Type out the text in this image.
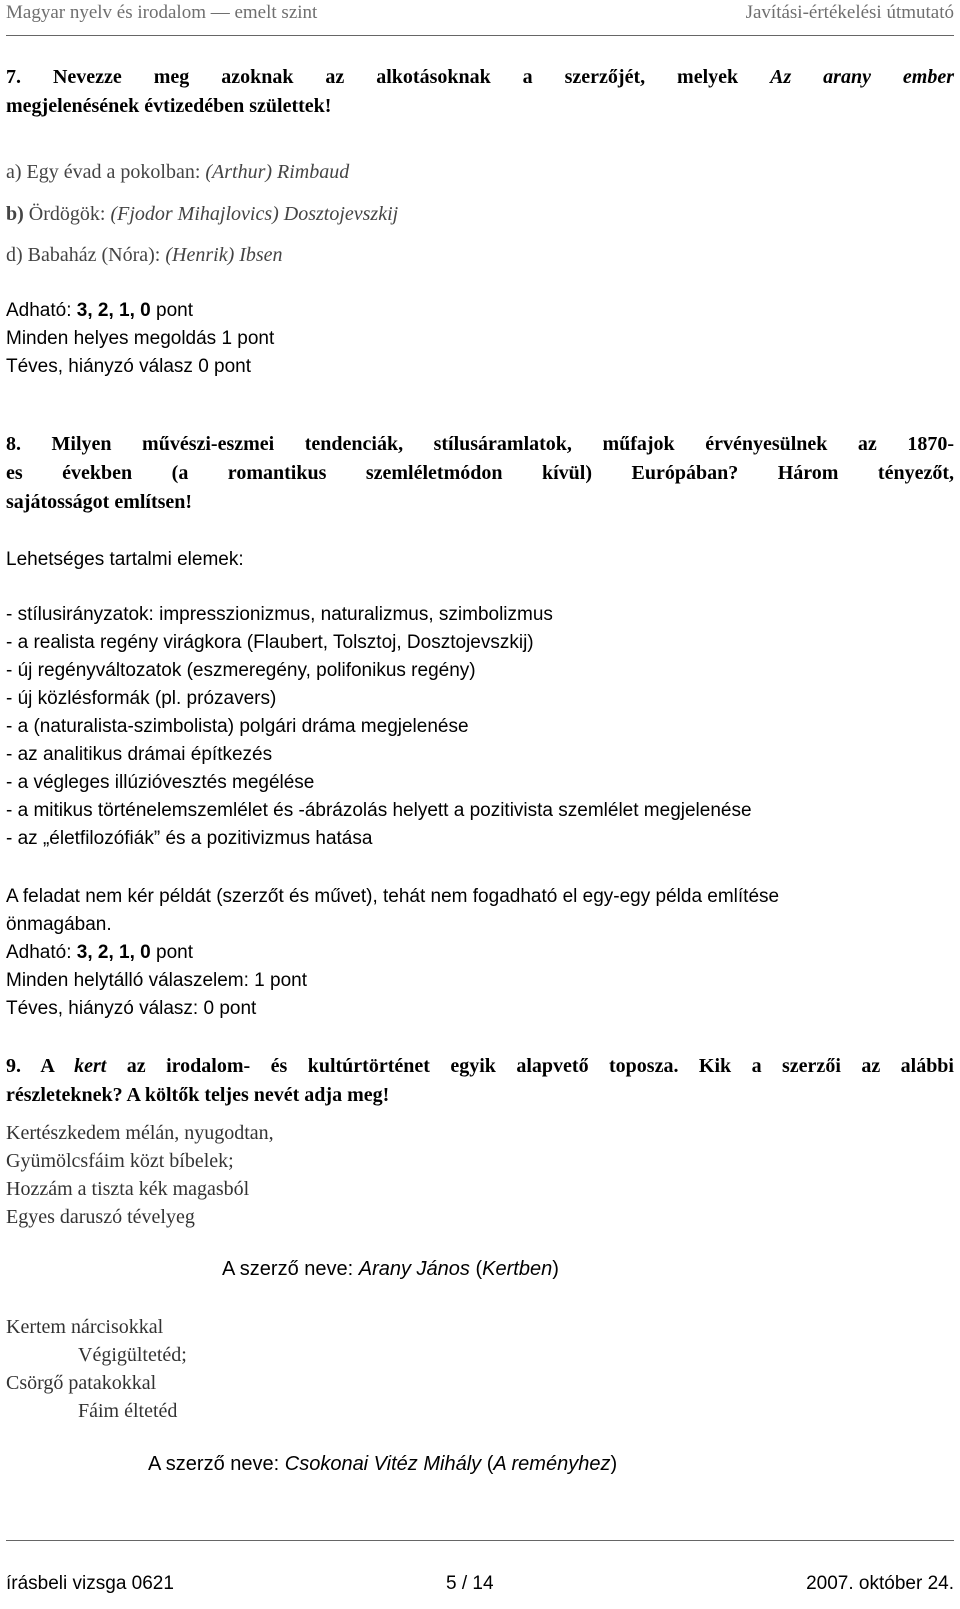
Magyar nyelv és irodalom — emelt szint	Javítási-értékelési útmutató

7. Nevezze meg azoknak az alkotásoknak a szerzőjét, melyek Az arany ember

megjelenésének évtizedében születtek!

a) Egy évad a pokolban: (Arthur) Rimbaud
b) Ördögök: (Fjodor Mihajlovics) Dosztojevszkij
d) Babaház (Nóra): (Henrik) Ibsen
Adható: 3, 2, 1, 0 pont
Minden helyes megoldás 1 pont
Téves, hiányzó válasz 0 pont

8. Milyen művészi-eszmei tendenciák, stílusáramlatok, műfajok érvényesülnek az 1870-

es években (a romantikus szemléletmódon kívül) Európában? Három tényezőt,

sajátosságot említsen!

Lehetséges tartalmi elemek:
- stílusirányzatok: impresszionizmus, naturalizmus, szimbolizmus
- a realista regény virágkora (Flaubert, Tolsztoj, Dosztojevszkij)
- új regényváltozatok (eszmeregény, polifonikus regény)
- új közlésformák (pl. prózavers)
- a (naturalista-szimbolista) polgári dráma megjelenése
- az analitikus drámai építkezés
- a végleges illúzióvesztés megélése
- a mitikus történelemszemlélet és -ábrázolás helyett a pozitivista szemlélet megjelenése
- az „életfilozófiák” és a pozitivizmus hatása
A feladat nem kér példát (szerzőt és művet), tehát nem fogadható el egy-egy példa említése
önmagában.
Adható: 3, 2, 1, 0 pont
Minden helytálló válaszelem: 1 pont
Téves, hiányzó válasz: 0 pont

9. A kert az irodalom- és kultúrtörténet egyik alapvető toposza. Kik a szerzői az alábbi

részleteknek? A költők teljes nevét adja meg!

Kertészkedem mélán, nyugodtan,
Gyümölcsfáim közt bíbelek;
Hozzám a tiszta kék magasból
Egyes daruszó tévelyeg
A szerző neve: Arany János (Kertben)
Kertem nárcisokkal
Végigültetéd;
Csörgő patakokkal
Fáim éltetéd
A szerző neve: Csokonai Vitéz Mihály (A reményhez)
írásbeli vizsga 0621	5 / 14	2007. október 24.
